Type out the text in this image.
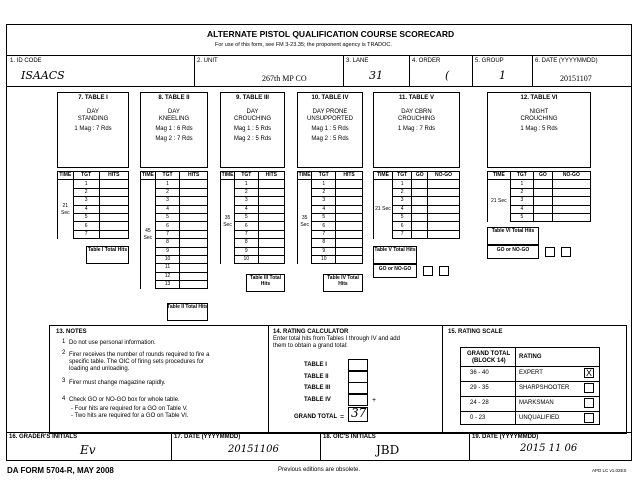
ALTERNATE PISTOL QUALIFICATION COURSE SCORECARD
For use of this form, see FM 3-23.35; the proponent agency is TRADOC.
1. ID CODE
ISAACS
2. UNIT
267th MP CO
3. LANE
31
4. ORDER
(
5. GROUP
1
6. DATE (YYYYMMDD)
20151107
7. TABLE I
DAY
STANDING
1 Mag : 7 Rds
TIME	TGT	HITS
21 Sec	1	
	2	
	3	
	4	
	5	
	6	
	7	
Table I Total Hits
8. TABLE II
DAY
KNEELING
Mag 1 : 6 Rds
Mag 2 : 7 Rds
TIME	TGT	HITS
45 Sec	1	
	2	
	3	
	4	
	5	
	6	
	7	
	8	
	9	
	10	
	11	
	12	
	13	
Table II Total Hits
9. TABLE III
DAY
CROUCHING
Mag 1 : 5 Rds
Mag 2 : 5 Rds
TIME	TGT	HITS
35 Sec	1	
	2	
	3	
	4	
	5	
	6	
	7	
	8	
	9	
	10	
Table III Total Hits
10. TABLE IV
DAY PRONE
UNSUPPORTED
Mag 1 : 5 Rds
Mag 2 : 5 Rds
TIME	TGT	HITS
35 Sec	1	
	2	
	3	
	4	
	5	
	6	
	7	
	8	
	9	
	10	
Table IV Total Hits
11. TABLE V
DAY CBRN
CROUCHING
1 Mag : 7 Rds
TIME	TGT	GO	NO-GO
21 Sec	1		
	2		
	3		
	4		
	5		
	6		
	7		
Table V Total Hits
GO or NO-GO
12. TABLE VI
NIGHT
CROUCHING
1 Mag : 5 Rds
TIME	TGT	GO	NO-GO
21 Sec	1		
	2		
	3		
	4		
	5		
Table VI Total Hits
GO or NO-GO
13. NOTES
1 Do not use personal information.
2 Firer receives the number of rounds required to fire a
specific table. The OIC of firing sets procedures for
loading and unloading.
3 Firer must change magazine rapidly.
4 Check GO or NO-GO box for whole table.
- Four hits are required for a GO on Table V.
- Two hits are required for a GO on Table VI.
14. RATING CALCULATOR
Enter total hits from Tables I through IV and add
them to obtain a grand total:
TABLE I
TABLE II
TABLE III
TABLE IV
GRAND TOTAL = 37
+
15. RATING SCALE
GRAND TOTAL
(BLOCK 14)
RATING
36 - 40	EXPERT	X
29 - 35	SHARPSHOOTER
24 - 28	MARKSMAN
0 - 23	UNQUALIFIED
16. GRADER'S INITIALS
Ev
17. DATE (YYYYMMDD)
20151106
18. OIC'S INITIALS
JBD
19. DATE (YYYYMMDD)
2015 11 06
DA FORM 5704-R, MAY 2008	Previous editions are obsolete.	APD LC v1.02ES
